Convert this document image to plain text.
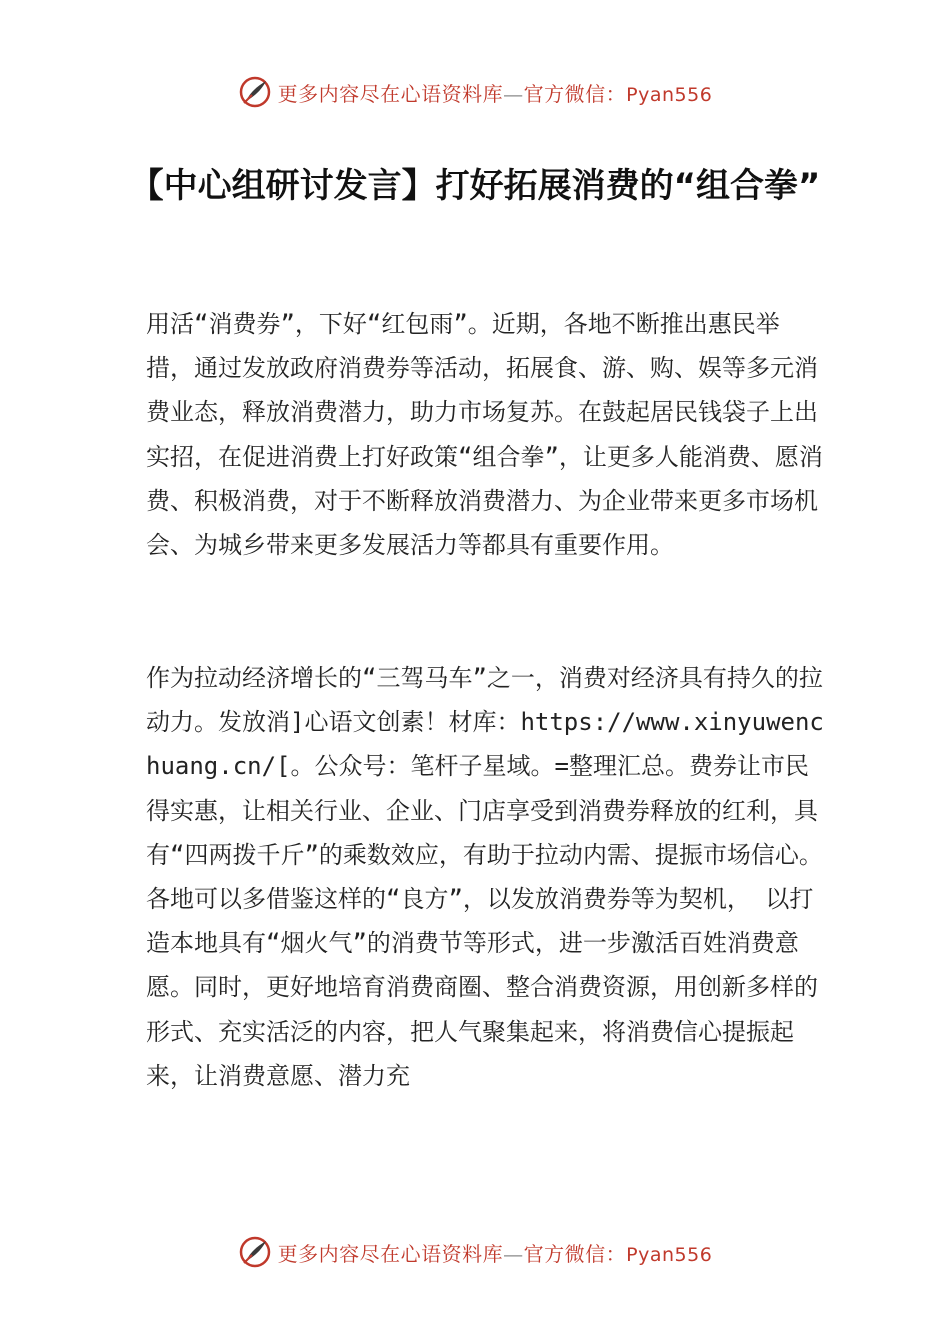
更多内容尽在心语资料库—官方微信：Pyan556
【中心组研讨发言】打好拓展消费的“组合拳”

用活“消费券”，下好“红包雨”。近期，各地不断推出惠民举措，通过发放政府消费券等活动，拓展食、游、购、娱等多元消费业态，释放消费潜力，助力市场复苏。在鼓起居民钱袋子上出实招，在促进消费上打好政策“组合拳”，让更多人能消费、愿消费、积极消费，对于不断释放消费潜力、为企业带来更多市场机会、为城乡带来更多发展活力等都具有重要作用。

作为拉动经济增长的“三驾马车”之一，消费对经济具有持久的拉动力。发放消]心语文创素！材库：https://www.xinyuwenchuang.cn/[。公众号：笔杆子星域。=整理汇总。费券让市民得实惠，让相关行业、企业、门店享受到消费券释放的红利，具有“四两拨千斤”的乘数效应，有助于拉动内需、提振市场信心。各地可以多借鉴这样的“良方”，以发放消费券等为契机， 以打造本地具有“烟火气”的消费节等形式，进一步激活百姓消费意愿。同时，更好地培育消费商圈、整合消费资源，用创新多样的形式、充实活泛的内容，把人气聚集起来，将消费信心提振起来，让消费意愿、潜力充

更多内容尽在心语资料库—官方微信：Pyan556
